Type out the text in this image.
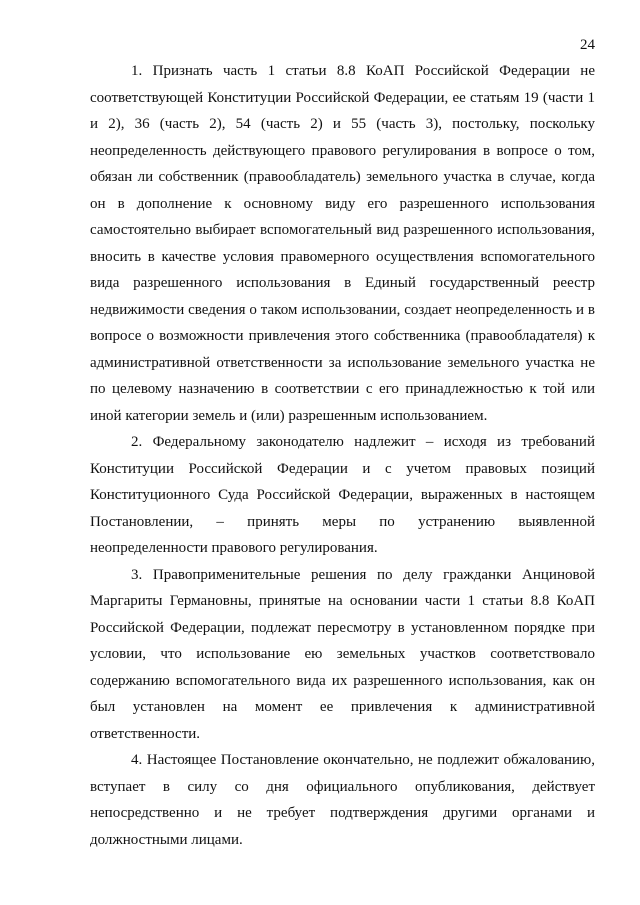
24

1. Признать часть 1 статьи 8.8 КоАП Российской Федерации не соответствующей Конституции Российской Федерации, ее статьям 19 (части 1 и 2), 36 (часть 2), 54 (часть 2) и 55 (часть 3), постольку, поскольку неопределенность действующего правового регулирования в вопросе о том, обязан ли собственник (правообладатель) земельного участка в случае, когда он в дополнение к основному виду его разрешенного использования самостоятельно выбирает вспомогательный вид разрешенного использования, вносить в качестве условия правомерного осуществления вспомогательного вида разрешенного использования в Единый государственный реестр недвижимости сведения о таком использовании, создает неопределенность и в вопросе о возможности привлечения этого собственника (правообладателя) к административной ответственности за использование земельного участка не по целевому назначению в соответствии с его принадлежностью к той или иной категории земель и (или) разрешенным использованием.

2. Федеральному законодателю надлежит – исходя из требований Конституции Российской Федерации и с учетом правовых позиций Конституционного Суда Российской Федерации, выраженных в настоящем Постановлении, – принять меры по устранению выявленной неопределенности правового регулирования.

3. Правоприменительные решения по делу гражданки Анциновой Маргариты Германовны, принятые на основании части 1 статьи 8.8 КоАП Российской Федерации, подлежат пересмотру в установленном порядке при условии, что использование ею земельных участков соответствовало содержанию вспомогательного вида их разрешенного использования, как он был установлен на момент ее привлечения к административной ответственности.

4. Настоящее Постановление окончательно, не подлежит обжалованию, вступает в силу со дня официального опубликования, действует непосредственно и не требует подтверждения другими органами и должностными лицами.
